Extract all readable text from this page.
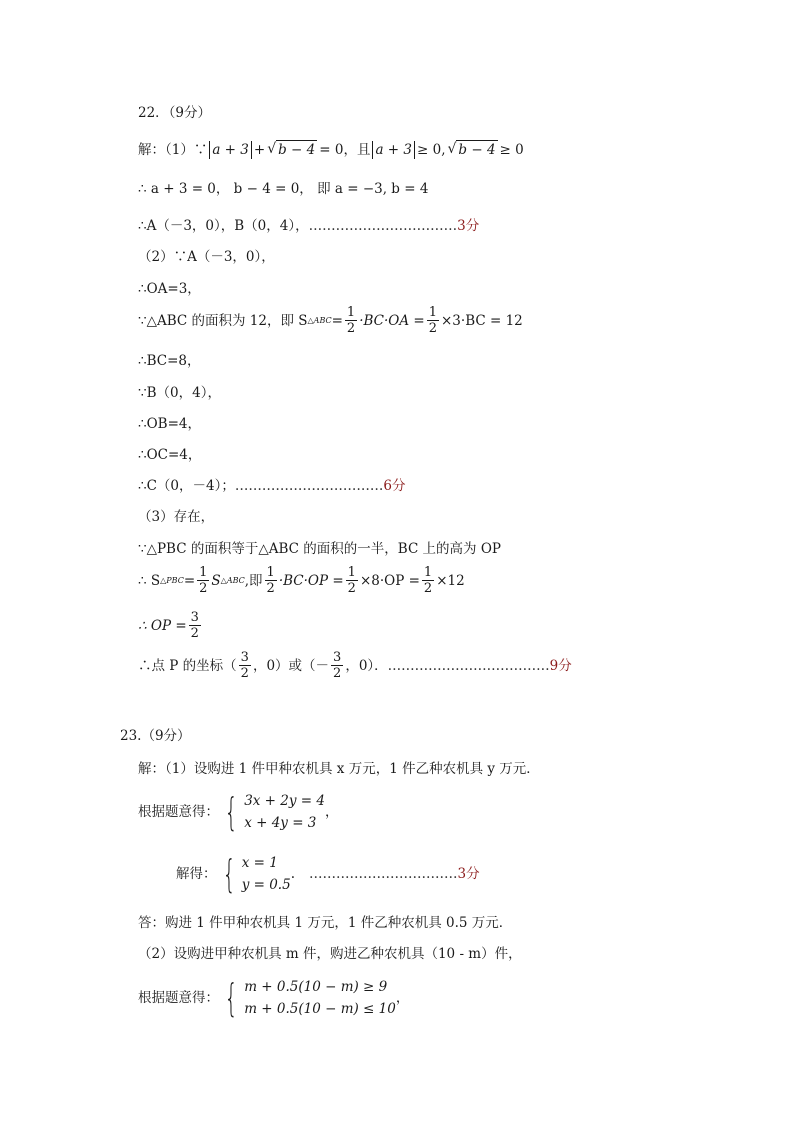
22．（9分）
解：（1）∵ a + 3 + √ b − 4 = 0，且 a + 3 ≥ 0, √ b − 4 ≥ 0
∴ a + 3 = 0， b − 4 = 0， 即 a = −3, b = 4
∴A（－3，0），B（0，4）， …………………………… 3分
（2）∵A（－3，0），
∴OA=3，
∵△ABC 的面积为 12，即 S △ABC = $\frac{1}{2} \cdot BC\cdot OA = \frac{1}{2} \times 3\cdot BC = 12$
∴BC=8，
∵B（0，4），
∴OB=4，
∴OC=4，
∴C（0，－4）； …………………………… 6分
（3）存在，
∵△PBC 的面积等于△ABC 的面积的一半，BC 上的高为 OP
∴ S △PBC = $\frac{1}{2}$ S △ABC ,即 $\frac{1}{2} \cdot BC\cdot OP = \frac{1}{2} \times 8\cdot OP = \frac{1}{2} \times 12$
∴ OP = $\frac{3}{2}$
∴点 P 的坐标（ $\frac{3}{2}$ ，0）或（－ $\frac{3}{2}$ ，0）． ……………………………… 9分
23.（9分）
解：（1）设购进 1 件甲种农机具 x 万元，1 件乙种农机具 y 万元．
根据题意得： { 3x + 2y = 4
x + 4y = 3
，
解得： { x = 1
y = 0.5
. …………………………… 3分
答：购进 1 件甲种农机具 1 万元，1 件乙种农机具 0.5 万元．
（2）设购进甲种农机具 m 件，购进乙种农机具（10 - m）件，
根据题意得： { m + 0.5(10 − m) ≥ 9
m + 0.5(10 − m) ≤ 10
，
